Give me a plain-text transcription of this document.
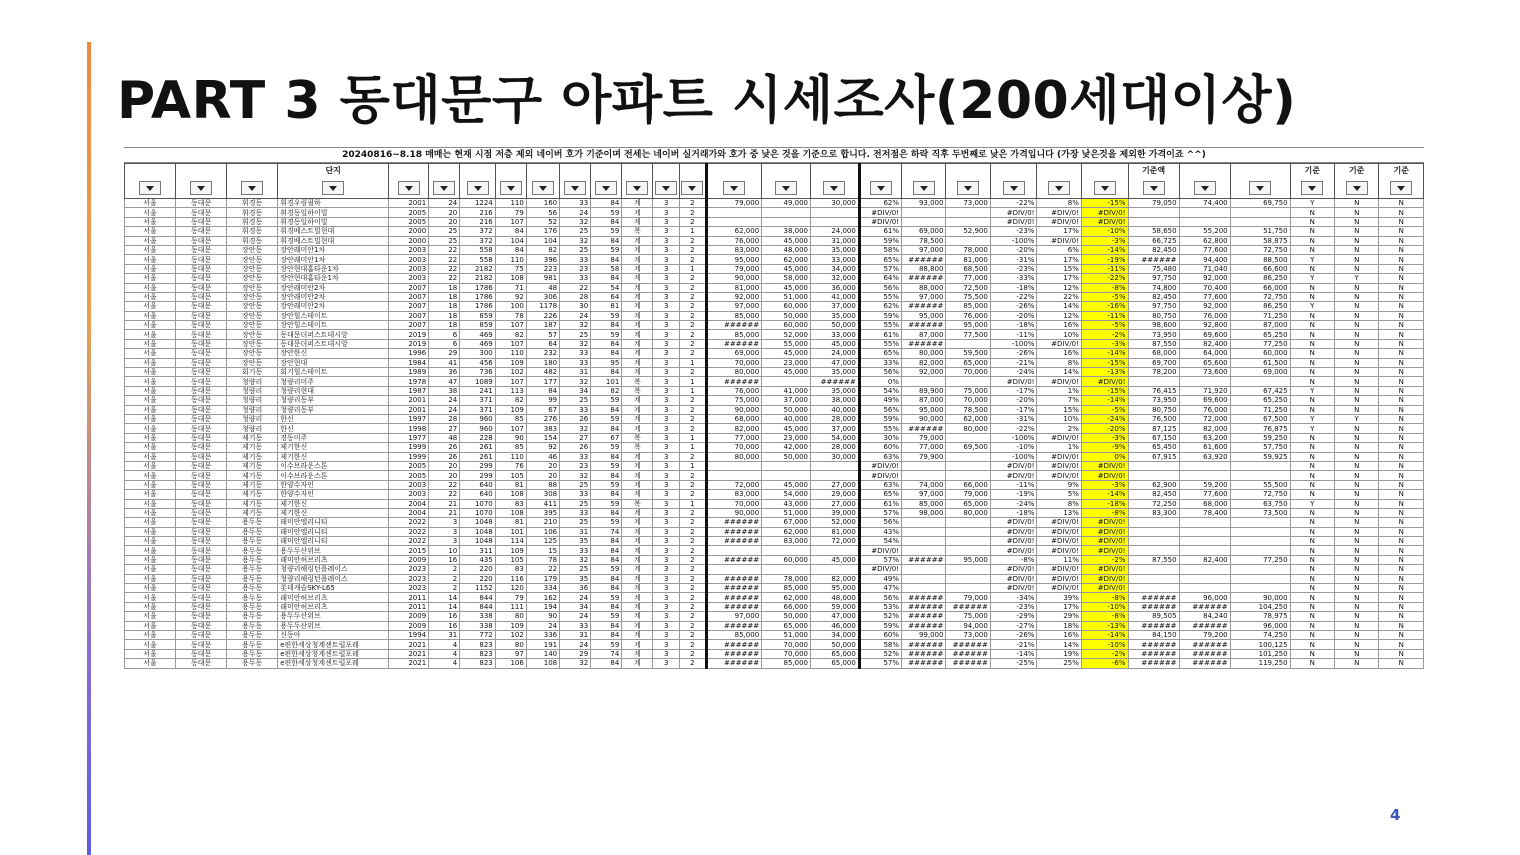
PART 3 동대문구 아파트 시세조사(200세대이상)
20240816~8.18 매매는 현재 시점 저층 제외 네이버 호가 기준이며 전세는 네이버 실거래가와 호가 중 낮은 것을 기준으로 합니다. 전저점은 하락 직후 두번째로 낮은 가격입니다 (가장 낮은것을 제외한 가격이죠 ^^)

			단지																				기준액			기준	기준	기준

서울	동대문	휘경동	휘경우림필하	2001	24	1224	110	160	33	84	계	3	2	79,000	49,000	30,000	62%	93,000	73,000	-22%	8%	-15%	79,050	74,400	69,750	Y	N	N
서울	동대문	휘경동	휘경동일하이빌	2005	20	216	79	56	24	59	계	3	2				#DIV/0!			#DIV/0!	#DIV/0!	#DIV/0!				N	N	N
서울	동대문	휘경동	휘경동일하이빌	2005	20	216	107	52	32	84	계	3	2				#DIV/0!			#DIV/0!	#DIV/0!	#DIV/0!				N	N	N
서울	동대문	휘경동	휘경베스트빌현대	2000	25	372	84	176	25	59	복	3	1	62,000	38,000	24,000	61%	69,000	52,900	-23%	17%	-10%	58,650	55,200	51,750	N	N	N
서울	동대문	휘경동	휘경베스트빌현대	2000	25	372	104	104	32	84	계	3	2	76,000	45,000	31,000	59%	78,500		-100%	#DIV/0!	-3%	66,725	62,800	58,875	N	N	N
서울	동대문	장안동	장안래미안1차	2003	22	558	84	82	25	59	계	3	2	83,000	48,000	35,000	58%	97,000	78,000	-20%	6%	-14%	82,450	77,600	72,750	N	N	N
서울	동대문	장안동	장안래미안1차	2003	22	558	110	396	33	84	계	3	2	95,000	62,000	33,000	65%	######	81,000	-31%	17%	-19%	######	94,400	88,500	Y	N	N
서울	동대문	장안동	장안현대홈타운1차	2003	22	2182	75	223	23	58	계	3	1	79,000	45,000	34,000	57%	88,800	68,500	-23%	15%	-11%	75,480	71,040	66,600	N	N	N
서울	동대문	장안동	장안현대홈타운1차	2003	22	2182	108	981	33	84	계	3	2	90,000	58,000	32,000	64%	######	77,000	-33%	17%	-22%	97,750	92,000	86,250	Y	Y	N
서울	동대문	장안동	장안래미안2차	2007	18	1786	71	48	22	54	계	3	2	81,000	45,000	36,000	56%	88,000	72,500	-18%	12%	-8%	74,800	70,400	66,000	N	N	N
서울	동대문	장안동	장안래미안2차	2007	18	1786	92	306	28	64	계	3	2	92,000	51,000	41,000	55%	97,000	75,500	-22%	22%	-5%	82,450	77,600	72,750	N	N	N
서울	동대문	장안동	장안래미안2차	2007	18	1786	100	1178	30	81	계	3	2	97,000	60,000	37,000	62%	######	85,000	-26%	14%	-16%	97,750	92,000	86,250	Y	N	N
서울	동대문	장안동	장안힐스테이트	2007	18	859	78	226	24	59	계	3	2	85,000	50,000	35,000	59%	95,000	76,000	-20%	12%	-11%	80,750	76,000	71,250	N	N	N
서울	동대문	장안동	장안힐스테이트	2007	18	859	107	187	32	84	계	3	2	######	60,000	50,000	55%	######	95,000	-18%	16%	-5%	98,600	92,800	87,000	N	N	N
서울	동대문	장안동	동대문더퍼스트데시앙	2019	6	469	82	57	25	59	계	3	2	85,000	52,000	33,000	61%	87,000	77,500	-11%	10%	-2%	73,950	69,600	65,250	N	N	N
서울	동대문	장안동	동대문더퍼스트데시앙	2019	6	469	107	64	32	84	계	3	2	######	55,000	45,000	55%	######		-100%	#DIV/0!	-3%	87,550	82,400	77,250	N	N	N
서울	동대문	장안동	장안한신	1996	29	300	110	232	33	84	계	3	2	69,000	45,000	24,000	65%	80,000	59,500	-26%	16%	-14%	68,000	64,000	60,000	N	N	N
서울	동대문	장안동	장안현대	1984	41	456	109	180	33	95	계	3	1	70,000	23,000	47,000	33%	82,000	65,000	-21%	8%	-15%	69,700	65,600	61,500	N	N	N
서울	동대문	회기동	회기힐스테이트	1989	36	736	102	482	31	84	계	3	2	80,000	45,000	35,000	56%	92,000	70,000	-24%	14%	-13%	78,200	73,600	69,000	N	N	N
서울	동대문	청량리	청량리미주	1978	47	1089	107	177	32	101	복	3	1	######		######	0%			#DIV/0!	#DIV/0!	#DIV/0!				N	N	N
서울	동대문	청량리	청량리현대	1987	38	241	113	84	34	82	복	3	1	76,000	41,000	35,000	54%	89,900	75,000	-17%	1%	-15%	76,415	71,920	67,425	Y	N	N
서울	동대문	청량리	청량리동부	2001	24	371	82	99	25	59	계	3	2	75,000	37,000	38,000	49%	87,000	70,000	-20%	7%	-14%	73,950	69,600	65,250	N	N	N
서울	동대문	청량리	청량리동부	2001	24	371	109	67	33	84	계	3	2	90,000	50,000	40,000	56%	95,000	78,500	-17%	15%	-5%	80,750	76,000	71,250	N	N	N
서울	동대문	청량리	한신	1997	28	960	85	276	26	59	계	3	2	68,000	40,000	28,000	59%	90,000	62,000	-31%	10%	-24%	76,500	72,000	67,500	Y	Y	N
서울	동대문	청량리	한신	1998	27	960	107	383	32	84	계	3	2	82,000	45,000	37,000	55%	######	80,000	-22%	2%	-20%	87,125	82,000	76,875	Y	N	N
서울	동대문	제기동	경동미주	1977	48	228	90	154	27	67	복	3	1	77,000	23,000	54,000	30%	79,000		-100%	#DIV/0!	-3%	67,150	63,200	59,250	N	N	N
서울	동대문	제기동	제기한신	1999	26	261	85	92	26	59	복	3	1	70,000	42,000	28,000	60%	77,000	69,500	-10%	1%	-9%	65,450	61,600	57,750	N	N	N
서울	동대문	제기동	제기한신	1999	26	261	110	46	33	84	계	3	2	80,000	50,000	30,000	63%	79,900		-100%	#DIV/0!	0%	67,915	63,920	59,925	N	N	N
서울	동대문	제기동	이수브라운스톤	2005	20	299	76	20	23	59	계	3	1				#DIV/0!			#DIV/0!	#DIV/0!	#DIV/0!				N	N	N
서울	동대문	제기동	이수브라운스톤	2005	20	299	105	20	32	84	계	3	2				#DIV/0!			#DIV/0!	#DIV/0!	#DIV/0!				N	N	N
서울	동대문	제기동	한양수자인	2003	22	640	81	88	25	59	계	3	2	72,000	45,000	27,000	63%	74,000	66,000	-11%	9%	-3%	62,900	59,200	55,500	N	N	N
서울	동대문	제기동	한양수자인	2003	22	640	108	308	33	84	계	3	2	83,000	54,000	29,000	65%	97,000	79,000	-19%	5%	-14%	82,450	77,600	72,750	N	N	N
서울	동대문	제기동	제기한신	2004	21	1070	83	411	25	59	복	3	1	70,000	43,000	27,000	61%	85,000	65,000	-24%	8%	-18%	72,250	68,000	63,750	Y	N	N
서울	동대문	제기동	제기한신	2004	21	1070	108	395	33	84	계	3	2	90,000	51,000	39,000	57%	98,000	80,000	-18%	13%	-8%	83,300	78,400	73,500	N	N	N
서울	동대문	용두동	래미안엘리니티	2022	3	1048	81	210	25	59	계	3	2	######	67,000	52,000	56%			#DIV/0!	#DIV/0!	#DIV/0!				N	N	N
서울	동대문	용두동	래미안엘리니티	2022	3	1048	101	106	31	74	계	3	2	######	62,000	81,000	43%			#DIV/0!	#DIV/0!	#DIV/0!				N	N	N
서울	동대문	용두동	래미안엘리니티	2022	3	1048	114	125	35	84	계	3	2	######	83,000	72,000	54%			#DIV/0!	#DIV/0!	#DIV/0!				N	N	N
서울	동대문	용두동	용두두산위브	2015	10	311	109	15	33	84	계	3	2				#DIV/0!			#DIV/0!	#DIV/0!	#DIV/0!				N	N	N
서울	동대문	용두동	래미안허브리츠	2009	16	435	105	78	32	84	계	3	2	######	60,000	45,000	57%	######	95,000	-8%	11%	-2%	87,550	82,400	77,250	N	N	N
서울	동대문	용두동	청량리해링턴플레이스	2023	2	220	83	22	25	59	계	3	2				#DIV/0!			#DIV/0!	#DIV/0!	#DIV/0!				N	N	N
서울	동대문	용두동	청량리해링턴플레이스	2023	2	220	116	179	35	84	계	3	2	######	78,000	82,000	49%			#DIV/0!	#DIV/0!	#DIV/0!				N	N	N
서울	동대문	용두동	롯데캐슬SKY-L65	2023	2	1152	120	334	36	84	계	3	2	######	85,000	95,000	47%			#DIV/0!	#DIV/0!	#DIV/0!				N	N	N
서울	동대문	용두동	래미안허브리츠	2011	14	844	79	162	24	59	계	3	2	######	62,000	48,000	56%	######	79,000	-34%	39%	-8%	######	96,000	90,000	N	N	N
서울	동대문	용두동	래미안허브리츠	2011	14	844	111	194	34	84	계	3	2	######	66,000	59,000	53%	######	######	-23%	17%	-10%	######	######	104,250	N	N	N
서울	동대문	용두동	용두두산위브	2009	16	338	80	90	24	59	계	3	2	97,000	50,000	47,000	52%	######	75,000	-29%	29%	-8%	89,505	84,240	78,975	N	N	N
서울	동대문	용두동	용두두산위브	2009	16	338	109	24	33	84	계	3	2	######	65,000	46,000	59%	######	94,000	-27%	18%	-13%	######	######	96,000	N	N	N
서울	동대문	용두동	신동아	1994	31	772	102	336	31	84	계	3	2	85,000	51,000	34,000	60%	99,000	73,000	-26%	16%	-14%	84,150	79,200	74,250	N	N	N
서울	동대문	용두동	e편한세상청계센트럴포레	2021	4	823	80	191	24	59	계	3	2	######	70,000	50,000	58%	######	######	-21%	14%	-10%	######	######	100,125	N	N	N
서울	동대문	용두동	e편한세상청계센트럴포레	2021	4	823	97	140	29	74	계	3	2	######	70,000	65,000	52%	######	######	-14%	19%	-2%	######	######	101,250	N	N	N
서울	동대문	용두동	e편한세상청계센트럴포레	2021	4	823	106	108	32	84	계	3	2	######	85,000	65,000	57%	######	######	-25%	25%	-6%	######	######	119,250	N	N	N
4
